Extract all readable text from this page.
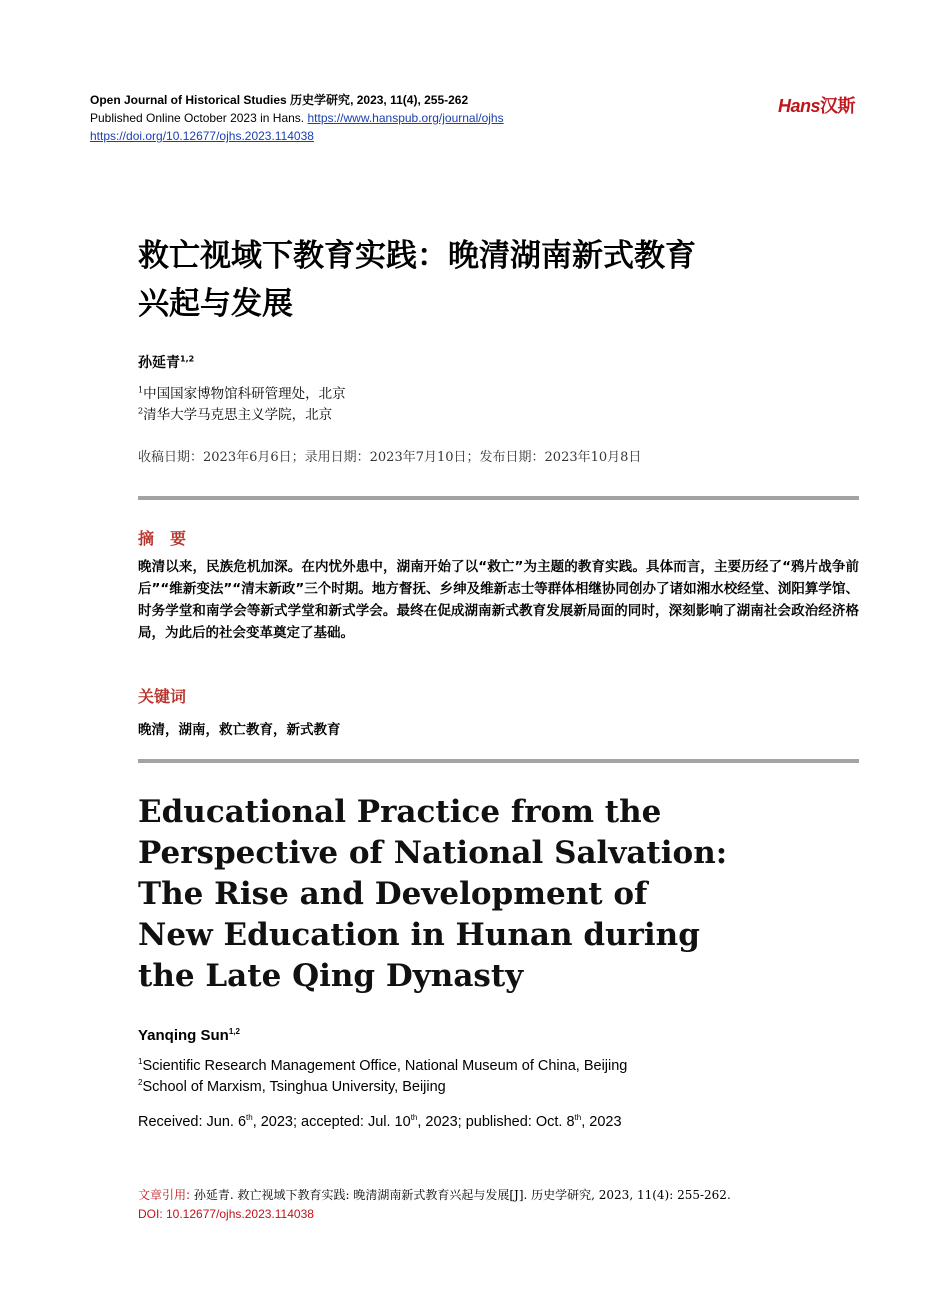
Open Journal of Historical Studies 历史学研究, 2023, 11(4), 255-262
Published Online October 2023 in Hans. https://www.hanspub.org/journal/ojhs
https://doi.org/10.12677/ojhs.2023.114038
Hans汉斯
救亡视域下教育实践：晚清湖南新式教育
兴起与发展
孙延青$^{1,2}$
$^1$中国国家博物馆科研管理处，北京
$^2$清华大学马克思主义学院，北京
收稿日期：2023年6月6日；录用日期：2023年7月10日；发布日期：2023年10月8日
摘　要
晚清以来，民族危机加深。在内忧外患中，湖南开始了以“救亡”为主题的教育实践。具体而言，主要历经了“鸦片战争前后”“维新变法”“清末新政”三个时期。地方督抚、乡绅及维新志士等群体相继协同创办了诸如湘水校经堂、浏阳算学馆、时务学堂和南学会等新式学堂和新式学会。最终在促成湖南新式教育发展新局面的同时，深刻影响了湖南社会政治经济格局，为此后的社会变革奠定了基础。
关键词
晚清，湖南，救亡教育，新式教育
Educational Practice from the
Perspective of National Salvation:
The Rise and Development of
New Education in Hunan during
the Late Qing Dynasty
Yanqing Sun$^{1,2}$
$^1$Scientific Research Management Office, National Museum of China, Beijing
$^2$School of Marxism, Tsinghua University, Beijing
Received: Jun. 6th, 2023; accepted: Jul. 10th, 2023; published: Oct. 8th, 2023
文章引用: 孙延青. 救亡视域下教育实践: 晚清湖南新式教育兴起与发展[J]. 历史学研究, 2023, 11(4): 255-262.
DOI: 10.12677/ojhs.2023.114038
